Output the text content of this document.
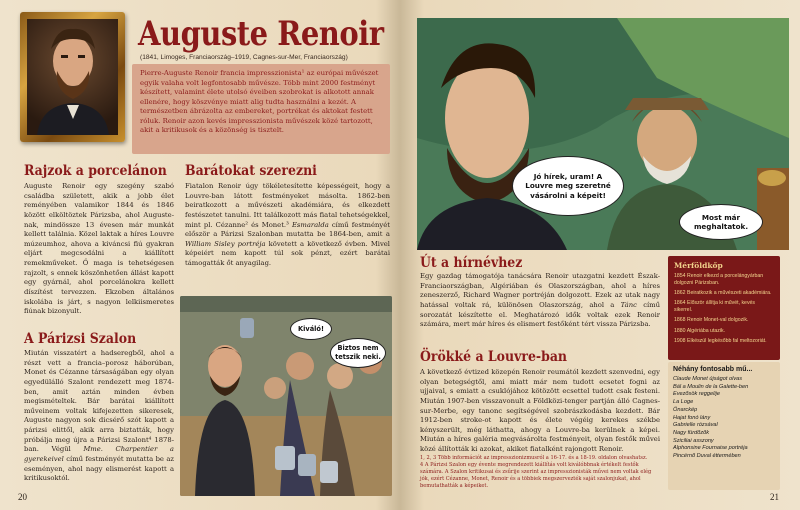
Auguste Renoir
(1841, Limoges, Franciaország–1919, Cagnes-sur-Mer, Franciaország)
Pierre-Auguste Renoir francia impresszionista¹ az európai művészet egyik valaha volt legfontosabb művésze. Több mint 2000 festményt készített, valamint élete utolsó éveiben szobrokat is alkotott annak ellenére, hogy köszvénye miatt alig tudta használni a kezét. A természetben ábrázolta az embereket, portrékat és aktokat festett róluk. Renoir azon kevés impresszionista művészek közé tartozott, akit a kritikusok és a közönség is tisztelt.
Rajzok a porcelánon
Auguste Renoir egy szegény szabó családba született, akik a jobb élet reményében valamikor 1844 és 1846 között elköltöztek Párizsba, ahol Auguste-nak, mindössze 13 évesen már munkát kellett találnia. Közel laktak a híres Louvre múzeumhoz, ahova a kiváncsi fiú gyakran eljárt megcsodálni a kiállított remekműveket. Ő maga is tehetségesen rajzolt, s ennek köszönhetően állást kapott egy gyárnál, ahol porcelánokra kellett díszítést tervezzen. Ekzoben általános iskolába is járt, s nagyon lelkiismeretes fiúnak bizonyult.
Barátokat szerezni
Fiatalon Renoir úgy tökéletesítette képességeit, hogy a Louvre-ban látott festményeket másolta. 1862-ben beiratkozott a művészeti akadémiára, és elkezdett festészetet tanulni. Itt találkozott más fiatal tehetségekkel, mint pl. Cézanne² és Monet.³ Esmaralda című festményét először a Párizsi Szalonban mutatta be 1864-ben, amit a William Sisley portréja követett a következő évben. Mivel képeiért nem kapott túl sok pénzt, ezért barátai támogatták őt anyagilag.
A Párizsi Szalon
Miután visszatért a hadseregből, ahol a részt vett a francia–porosz háborúban, Monet és Cézanne társaságában egy olyan egyedülálló Szalont rendezett meg 1874-ben, amit aztán minden évben megismételtek. Bár barátai kiállított műveinem voltak kifejezetten sikeresek, Auguste nagyon sok dicsérő szót kapott a párizsi elittől, akik arra biztatták, hogy próbálja meg újra a Párizsi Szalont⁴ 1878-ban. Végül Mme. Charpentier a gyerekeivel című festményét mutatta be az eseményen, ahol nagy elismerést kapott a kritikusoktól.
Kiváló!
Biztos nem tetszik neki.
20
Jó hírek, uram! A Louvre meg szeretné vásárolni a képeit!
Most már meghaltatok.
Út a hírnévhez
Egy gazdag támogatója tanácsára Renoir utazgatni kezdett Észak-Franciaországban, Algériában és Olaszországban, ahol a híres zeneszerző, Richard Wagner portréján dolgozott. Ezek az utak nagy hatással voltak rá, különösen Olaszország, ahol a Tánc című sorozatát készítette el. Meghatározó idők voltak ezek Renoir számára, mert már híres és elismert festőként tért vissza Párizsba.
Örökké a Louvre-ban
A következő évtized közepén Renoir reumától kezdett szenvedni, egy olyan betegségtől, ami miatt már nem tudott ecsetet fogni az ujjaival, s emiatt a csuklójához kötözött ecsettel tudott csak festeni. Miután 1907-ben visszavonult a Földközi-tenger partján álló Cagnes-sur-Merbe, egy tanonc segítségével szobrászkodásba kezdett. Bár 1912-ben stroke-ot kapott és élete végéig kerekes székbe kényszerült, még láthatta, ahogy a Louvre-ba kerülnek a képei. Miután a híres galéria megvásárolta festményeit, olyan festők művei közé állították ki azokat, akiket fiatalként rajongott Renoir.
Mérföldkőp
1854 Renoir elkezd a porcelángyárban dolgozni Párizsban.
1862 Beiratkozik a művészeti akadémiára.
1864 Először állítja ki művét, kevés sikerrel.
1868 Renoir Monet-val dolgozik.
1880 Algériába utazik.
1908 Elkészül legkésőbb fal meltozoriát.
Néhány fontosabb mű...
Claude Monet újságot olvas
Bál a Moulin de la Galette-ben
Evezősök reggelije
La Loge
Önarckép
Hajat fonó lány
Gabrielle rózsával
Nagy fürdőzők
Sziciliai asszony
Alphonsine Fournaise portréja
Pincérnő Duval éttermében
1, 2, 3 Több információt az impresszionizmusról a 16-17. és a 18-19. oldalon olvashatsz.
4 A Párizsi Szalon egy évente megrendezett kiállítás volt kiválóbbnak értékelt festők számára. A Szalon kritikusai és zsűrije szerint az impresszionisták művei nem voltak elég jók, ezért Cézanne, Monet, Renoir és a többiek megszervezték saját szalonjukat, ahol bemutathatták a képeiket.
21
